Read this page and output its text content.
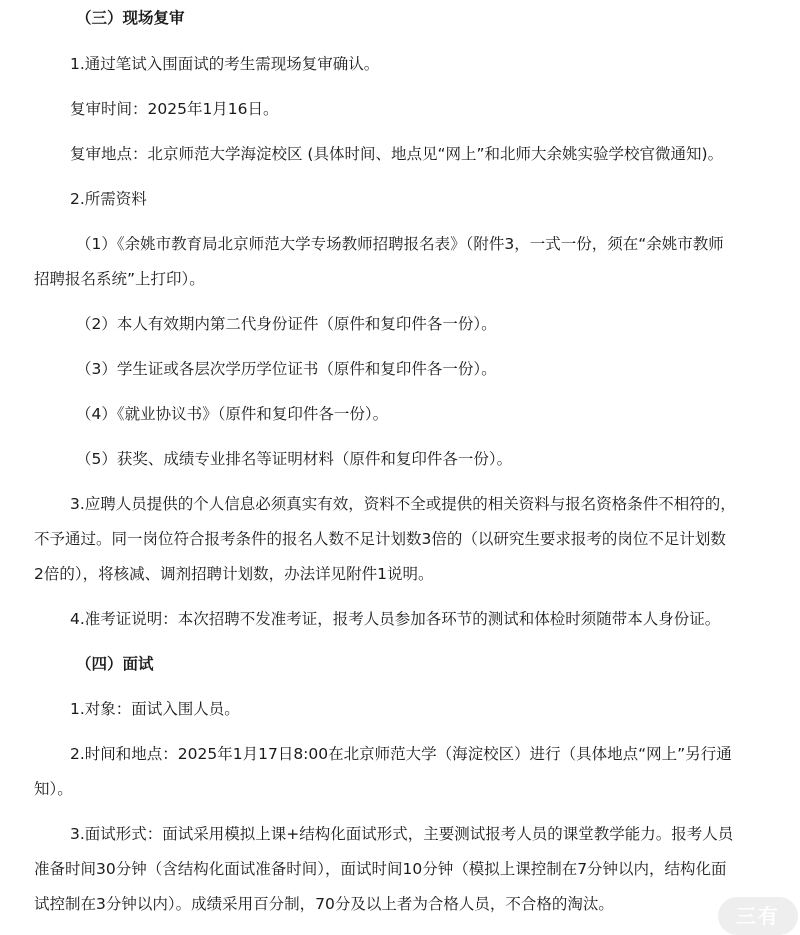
（三）现场复审
1.通过笔试入围面试的考生需现场复审确认。
复审时间：2025年1月16日。
复审地点：北京师范大学海淀校区 (具体时间、地点见“网上”和北师大余姚实验学校官微通知)。
2.所需资料
（1）《余姚市教育局北京师范大学专场教师招聘报名表》（附件3，一式一份，须在“余姚市教师
招聘报名系统”上打印）。
（2）本人有效期内第二代身份证件（原件和复印件各一份）。
（3）学生证或各层次学历学位证书（原件和复印件各一份）。
（4）《就业协议书》（原件和复印件各一份）。
（5）获奖、成绩专业排名等证明材料（原件和复印件各一份）。
3.应聘人员提供的个人信息必须真实有效，资料不全或提供的相关资料与报名资格条件不相符的，
不予通过。同一岗位符合报考条件的报名人数不足计划数3倍的（以研究生要求报考的岗位不足计划数
2倍的），将核减、调剂招聘计划数，办法详见附件1说明。
4.准考证说明：本次招聘不发准考证，报考人员参加各环节的测试和体检时须随带本人身份证。
（四）面试
1.对象：面试入围人员。
2.时间和地点：2025年1月17日8:00在北京师范大学（海淀校区）进行（具体地点“网上”另行通
知）。
3.面试形式：面试采用模拟上课+结构化面试形式，主要测试报考人员的课堂教学能力。报考人员
准备时间30分钟（含结构化面试准备时间），面试时间10分钟（模拟上课控制在7分钟以内，结构化面
试控制在3分钟以内）。成绩采用百分制，70分及以上者为合格人员，不合格的淘汰。	三有
